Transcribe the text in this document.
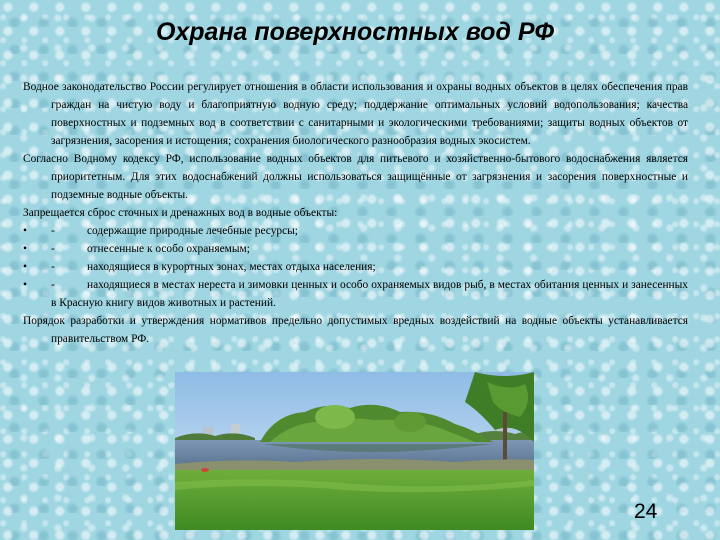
Охрана поверхностных вод РФ

Водное законодательство России регулирует отношения в области использования и охраны водных объектов в целях обеспечения прав граждан на чистую воду и благоприятную водную среду; поддержание оптимальных условий водопользования; качества поверхностных и подземных вод в соответствии с санитарными и экологическими требованиями; защиты водных объектов от загрязнения, засорения и истощения; сохранения биологического разнообразия водных экосистем.

Согласно Водному кодексу РФ, использование водных объектов для питьевого и хозяйственно-бытового водоснабжения является приоритетным. Для этих водоснабжений должны использоваться защищённые от загрязнения и засорения поверхностные и подземные водные объекты.

Запрещается сброс сточных и дренажных вод в водные объекты:

•	-	содержащие природные лечебные ресурсы;
•	-	отнесенные к особо охраняемым;
•	-	находящиеся в курортных зонах, местах отдыха населения;

•	-	находящиеся в местах нереста и зимовки ценных и особо охраняемых видов рыб, в местах обитания ценных и занесенных в Красную книгу видов животных и растений.

Порядок разработки и утверждения нормативов предельно допустимых вредных воздействий на водные объекты устанавливается правительством РФ.

24
